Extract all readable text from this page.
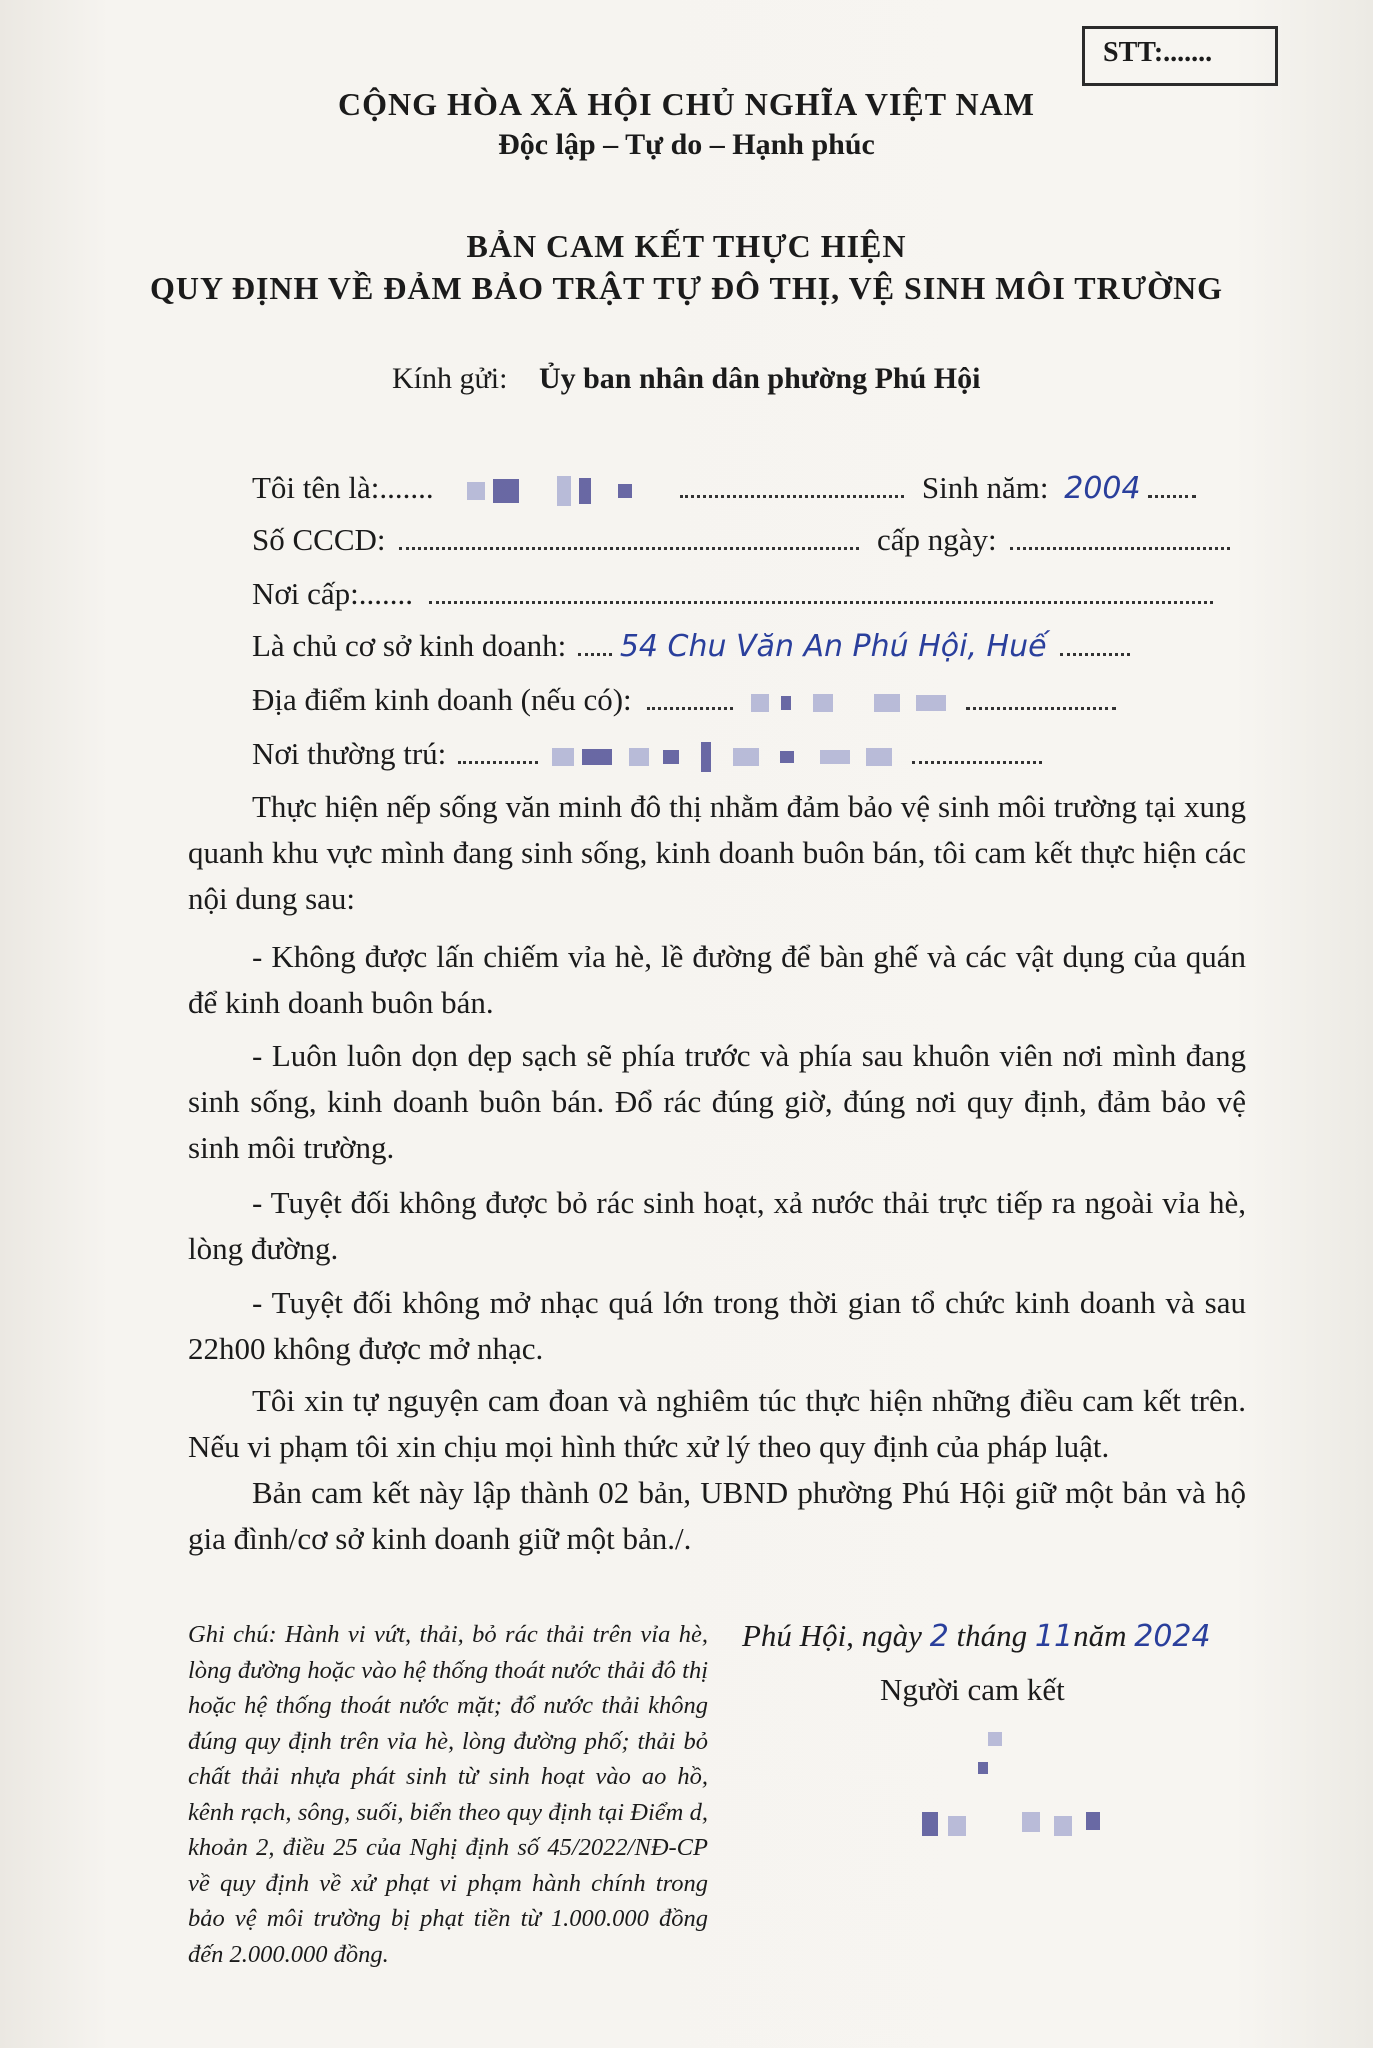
STT:.......
CỘNG HÒA XÃ HỘI CHỦ NGHĨA VIỆT NAM
Độc lập – Tự do – Hạnh phúc
BẢN CAM KẾT THỰC HIỆN
QUY ĐỊNH VỀ ĐẢM BẢO TRẬT TỰ ĐÔ THỊ, VỆ SINH MÔI TRƯỜNG
Kính gửi: Ủy ban nhân dân phường Phú Hội
Tôi tên là:.......	Sinh năm: 2004
Số CCCD:	cấp ngày:
Nơi cấp:.......
Là chủ cơ sở kinh doanh: 54 Chu Văn An Phú Hội, Huế
Địa điểm kinh doanh (nếu có):
Nơi thường trú:
Thực hiện nếp sống văn minh đô thị nhằm đảm bảo vệ sinh môi trường tại xung quanh khu vực mình đang sinh sống, kinh doanh buôn bán, tôi cam kết thực hiện các nội dung sau:
- Không được lấn chiếm vỉa hè, lề đường để bàn ghế và các vật dụng của quán để kinh doanh buôn bán.
- Luôn luôn dọn dẹp sạch sẽ phía trước và phía sau khuôn viên nơi mình đang sinh sống, kinh doanh buôn bán. Đổ rác đúng giờ, đúng nơi quy định, đảm bảo vệ sinh môi trường.
- Tuyệt đối không được bỏ rác sinh hoạt, xả nước thải trực tiếp ra ngoài vỉa hè, lòng đường.
- Tuyệt đối không mở nhạc quá lớn trong thời gian tổ chức kinh doanh và sau 22h00 không được mở nhạc.
Tôi xin tự nguyện cam đoan và nghiêm túc thực hiện những điều cam kết trên. Nếu vi phạm tôi xin chịu mọi hình thức xử lý theo quy định của pháp luật.
Bản cam kết này lập thành 02 bản, UBND phường Phú Hội giữ một bản và hộ gia đình/cơ sở kinh doanh giữ một bản./.
Ghi chú: Hành vi vứt, thải, bỏ rác thải trên vỉa hè, lòng đường hoặc vào hệ thống thoát nước thải đô thị hoặc hệ thống thoát nước mặt; đổ nước thải không đúng quy định trên vỉa hè, lòng đường phố; thải bỏ chất thải nhựa phát sinh từ sinh hoạt vào ao hồ, kênh rạch, sông, suối, biển theo quy định tại Điểm d, khoản 2, điều 25 của Nghị định số 45/2022/NĐ-CP về quy định về xử phạt vi phạm hành chính trong bảo vệ môi trường bị phạt tiền từ 1.000.000 đồng đến 2.000.000 đồng.
Phú Hội, ngày 2 tháng 11năm 2024
Người cam kết
